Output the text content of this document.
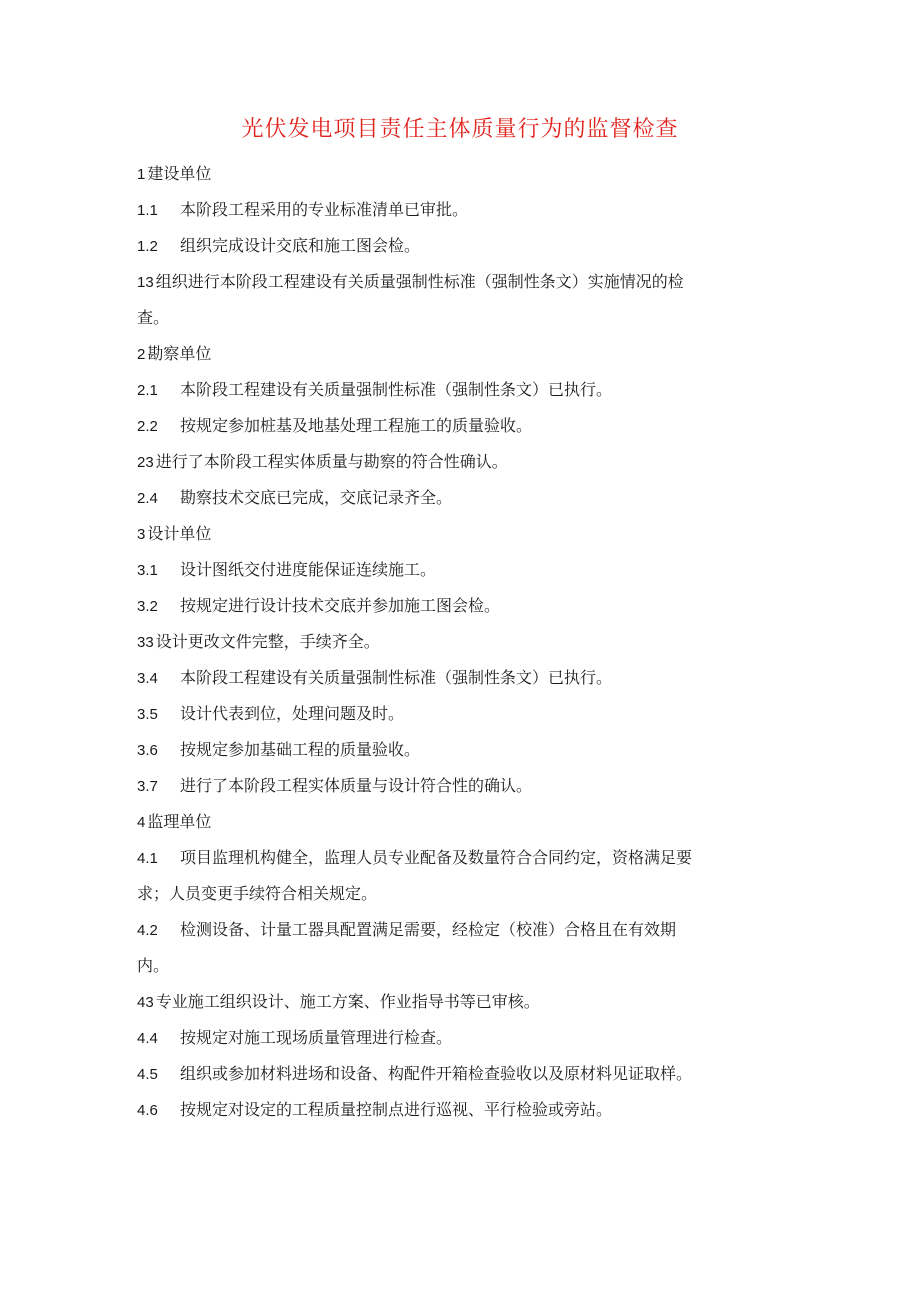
光伏发电项目责任主体质量行为的监督检查
1 建设单位
1.1 本阶段工程采用的专业标准清单已审批。
1.2 组织完成设计交底和施工图会检。
13 组织进行本阶段工程建设有关质量强制性标准（强制性条文）实施情况的检
查。
2 勘察单位
2.1 本阶段工程建设有关质量强制性标准（强制性条文）已执行。
2.2 按规定参加桩基及地基处理工程施工的质量验收。
23 进行了本阶段工程实体质量与勘察的符合性确认。
2.4 勘察技术交底已完成，交底记录齐全。
3 设计单位
3.1 设计图纸交付进度能保证连续施工。
3.2 按规定进行设计技术交底并参加施工图会检。
33 设计更改文件完整，手续齐全。
3.4 本阶段工程建设有关质量强制性标准（强制性条文）已执行。
3.5 设计代表到位，处理问题及时。
3.6 按规定参加基础工程的质量验收。
3.7 进行了本阶段工程实体质量与设计符合性的确认。
4 监理单位
4.1 项目监理机构健全，监理人员专业配备及数量符合合同约定，资格满足要
求；人员变更手续符合相关规定。
4.2 检测设备、计量工器具配置满足需要，经检定（校准）合格且在有效期
内。
43 专业施工组织设计、施工方案、作业指导书等已审核。
4.4 按规定对施工现场质量管理进行检查。
4.5 组织或参加材料进场和设备、构配件开箱检查验收以及原材料见证取样。
4.6 按规定对设定的工程质量控制点进行巡视、平行检验或旁站。
